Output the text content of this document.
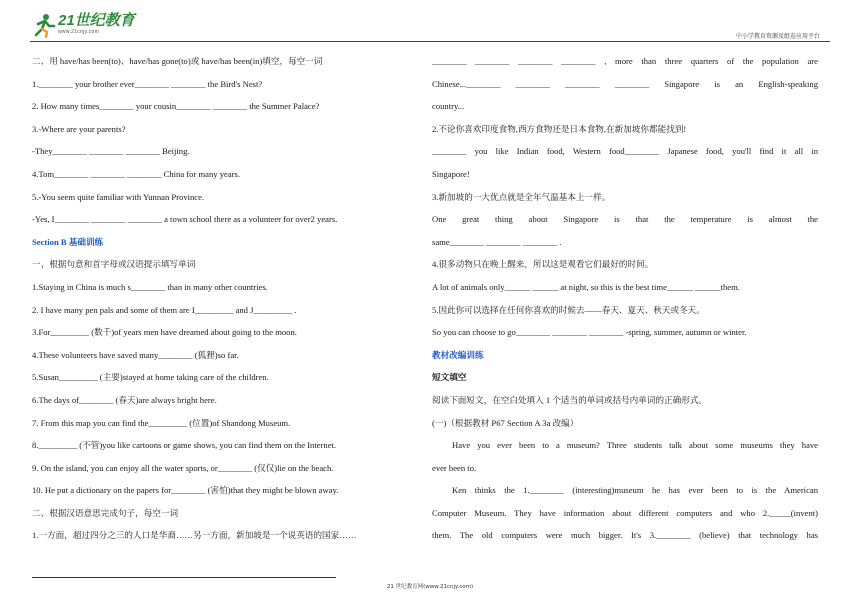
21世纪教育
www.21cnjy.com
中小学教育资源及组卷应用平台
二、用 have/has been(to)、have/has gone(to)或 have/has been(in)填空，每空一词
1.________ your brother ever________ ________ the Bird's Nest?
2. How many times________ your cousin________ ________ the Summer Palace?
3.-Where are your parents?
-They________ ________ ________ Beijing.
4.Tom________ ________ ________ China for many years.
5.-You seem quite familiar with Yunnan Province.
-Yes, I________ ________ ________ a town school there as a volunteer for over2 years.
Section B 基础训练
一、根据句意和首字母或汉语提示填写单词
1.Staying in China is much s________ than in many other countries.
2. I have many pen pals and some of them are I_________ and J_________ .
3.For_________ (数千)of years men have dreamed about going to the moon.
4.These volunteers have saved many________ (狐狸)so far.
5.Susan_________ (主要)stayed at home taking care of the children.
6.The days of________ (春天)are always bright here.
7. From this map you can find the_________ (位置)of Shandong Museum.
8._________ (不管)you like cartoons or game shows, you can find them on the Internet.
9. On the island, you can enjoy all the water sports, or________ (仅仅)lie on the beach.
10. He put a dictionary on the papers for________ (害怕)that they might be blown away.
二、根据汉语意思完成句子，每空一词
1.一方面，超过四分之三的人口是华裔……另一方面，新加坡是一个说英语的国家……
________ ________ ________ ________ , more than three quarters of the population are
Chinese...________ ________ ________ ________ Singapore is an English-speaking
country...
2.不论你喜欢印度食物,西方食物还是日本食物,在新加坡你都能找到!
________ you like Indian food, Western food________ Japanese food, you'll find it all in
Singapore!
3.新加坡的一大优点就是全年气温基本上一样。
One great thing about Singapore is that the temperature is almost the
same________ ________ ________ .
4.很多动物只在晚上醒来，所以这是观看它们最好的时间。
A lot of animals only______ ______ at night, so this is the best time______ ______them.
5.因此你可以选择在任何你喜欢的时候去——春天、夏天、秋天或冬天。
So you can choose to go________ ________ ________ -spring, summer, autumn or winter.
教材改编训练
短文填空
阅读下面短文，在空白处填入 1 个适当的单词或括号内单词的正确形式。
(一)（根据教材 P67 Section A 3a 改编）
Have you ever been to a museum? Three students talk about some museums they have
ever been to.
Ken thinks the 1.________ (interesting)museum he has ever been to is the American
Computer Museum. They have information about different computers and who 2._____(invent)
them. The old computers were much bigger. It's 3.________ (believe) that technology has
21 世纪教育网(www.21cnjy.com)
